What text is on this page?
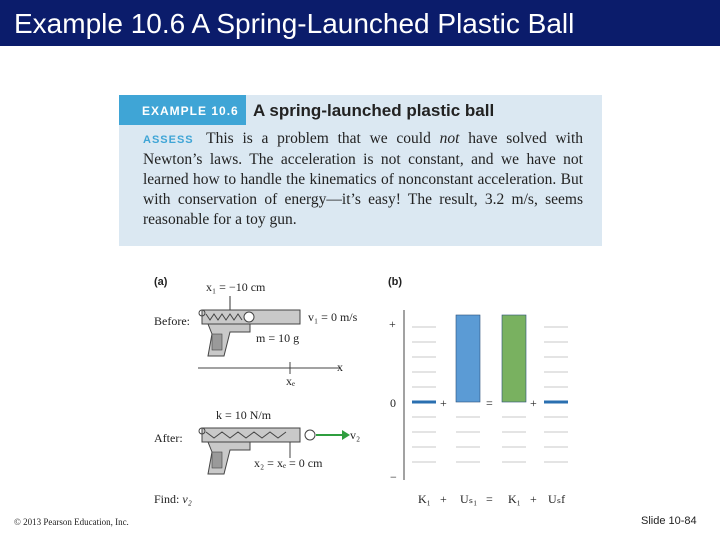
Example 10.6 A Spring-Launched Plastic Ball
EXAMPLE 10.6 A spring-launched plastic ball
ASSESS This is a problem that we could not have solved with Newton’s laws. The acceleration is not constant, and we have not learned how to handle the kinematics of nonconstant acceleration. But with conservation of energy—it’s easy! The result, 3.2 m/s, seems reasonable for a toy gun.
(a)	x₁ = −10 cm
Before:	v₁ = 0 m/s
m = 10 g
x
xₑ
k = 10 N/m
After:	v₂
x₂ = xₑ = 0 cm
Find: v₂
(b)
+
0
−
+	=	+
K₁ + Uₛ₁ = K₁ + Uₛf
© 2013 Pearson Education, Inc.	Slide 10-84
